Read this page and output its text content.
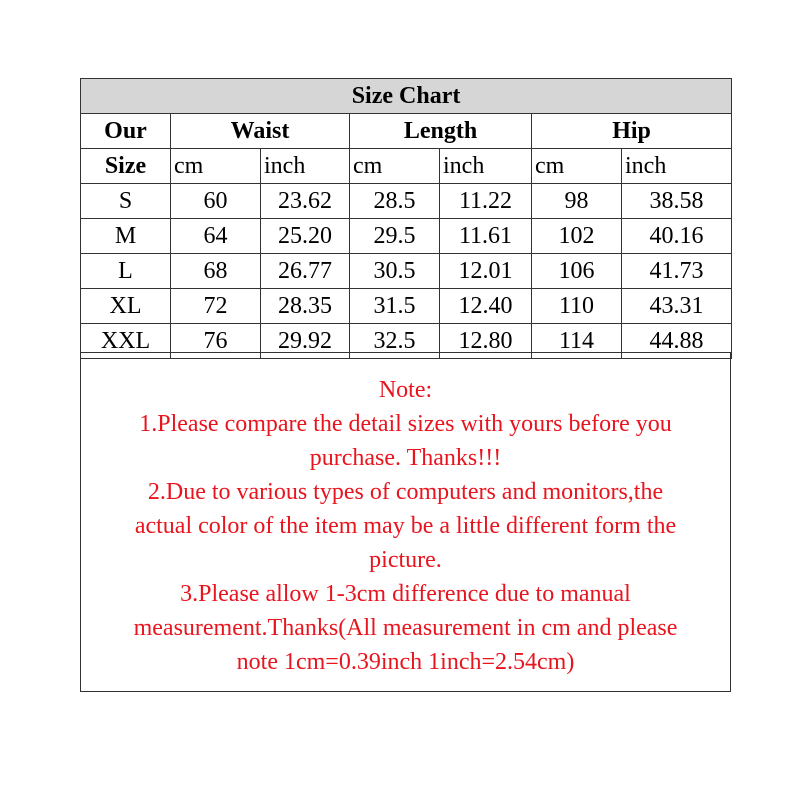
Size Chart						
Our	Waist		Length		Hip	
Size	cm	inch	cm	inch	cm	inch
S	60	23.62	28.5	11.22	98	38.58
M	64	25.20	29.5	11.61	102	40.16
L	68	26.77	30.5	12.01	106	41.73
XL	72	28.35	31.5	12.40	110	43.31
XXL	76	29.92	32.5	12.80	114	44.88
Note:
1.Please compare the detail sizes with yours before you
purchase. Thanks!!!
2.Due to various types of computers and monitors,the
actual color of the item may be a little different form the
picture.
3.Please allow 1-3cm difference due to manual
measurement.Thanks(All measurement in cm and please
note 1cm=0.39inch 1inch=2.54cm)
